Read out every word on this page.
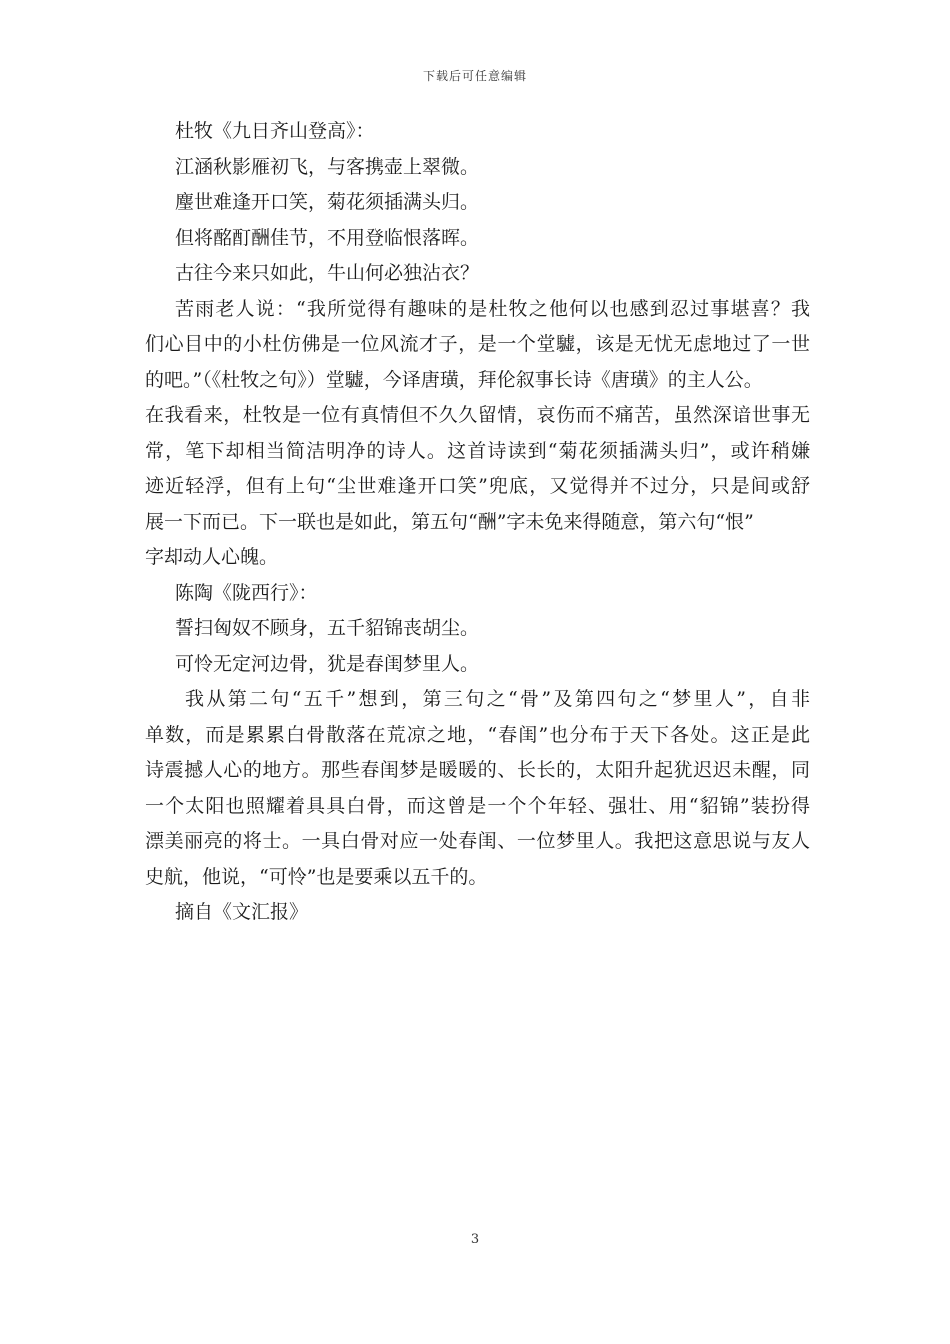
下载后可任意编辑
杜牧《九日齐山登高》：
江涵秋影雁初飞，与客携壶上翠微。
麈世难逢开口笑，菊花须插满头归。
但将酩酊酬佳节，不用登临恨落晖。
古往今来只如此，牛山何必独沾衣？
苦雨老人说：“我所觉得有趣味的是杜牧之他何以也感到忍过事堪喜？我
们心目中的小杜仿佛是一位风流才子，是一个堂驉，该是无忧无虑地过了一世
的吧。”（《杜牧之句》）堂驉，今译唐璜，拜伦叙事长诗《唐璜》的主人公。
在我看来，杜牧是一位有真情但不久久留情，哀伤而不痛苦，虽然深谙世事无
常，笔下却相当简洁明净的诗人。这首诗读到“菊花须插满头归”，或许稍嫌
迹近轻浮，但有上句“尘世难逢开口笑”兜底，又觉得并不过分，只是间或舒
展一下而已。下一联也是如此，第五句“酬”字未免来得随意，第六句“恨”
字却动人心魄。
陈陶《陇西行》：
誓扫匈奴不顾身，五千貂锦丧胡尘。
可怜无定河边骨，犹是春闺梦里人。
我从第二句“五千”想到，第三句之“骨”及第四句之“梦里人”，自非
单数，而是累累白骨散落在荒凉之地，“春闺”也分布于天下各处。这正是此
诗震撼人心的地方。那些春闺梦是暖暖的、长长的，太阳升起犹迟迟未醒，同
一个太阳也照耀着具具白骨，而这曾是一个个年轻、强壮、用“貂锦”装扮得
漂美丽亮的将士。一具白骨对应一处春闺、一位梦里人。我把这意思说与友人
史航，他说，“可怜”也是要乘以五千的。
摘自《文汇报》
3
